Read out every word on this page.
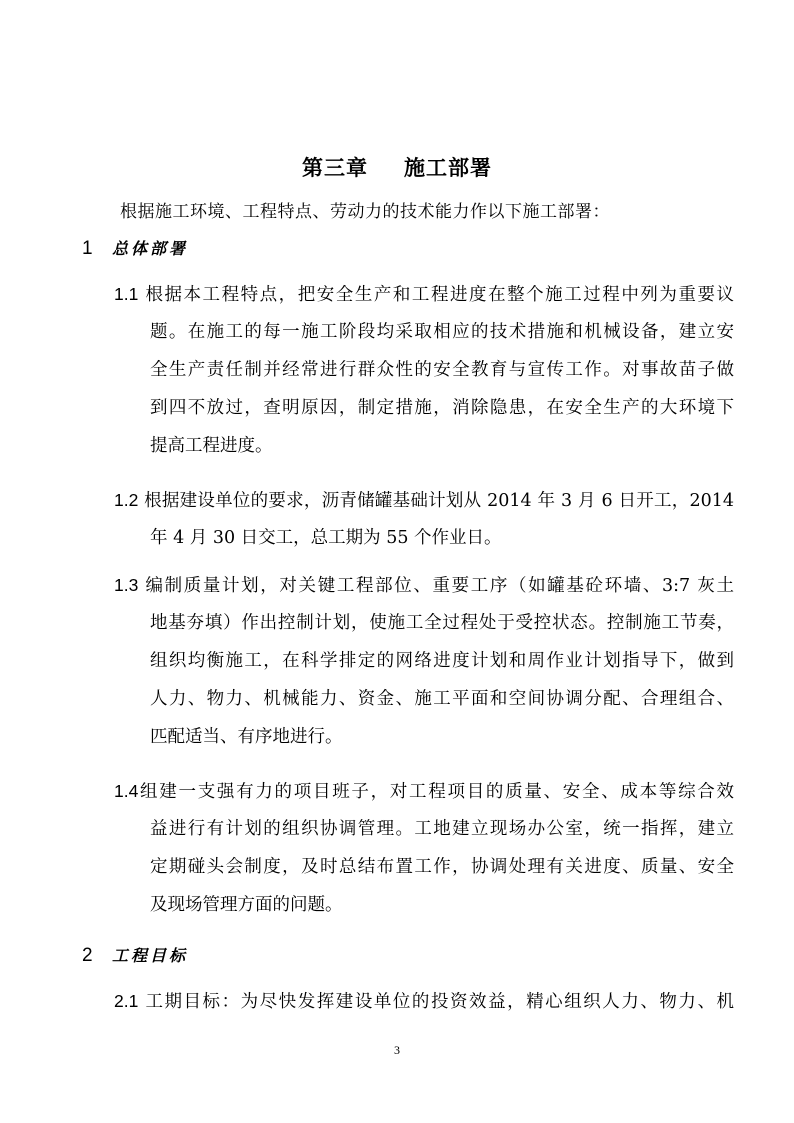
第三章 施工部署
根据施工环境、工程特点、劳动力的技术能力作以下施工部署：
1 总体部署
1.1 根据本工程特点，把安全生产和工程进度在整个施工过程中列为重要议
题。在施工的每一施工阶段均采取相应的技术措施和机械设备，建立安
全生产责任制并经常进行群众性的安全教育与宣传工作。对事故苗子做
到四不放过，查明原因，制定措施，消除隐患，在安全生产的大环境下
提高工程进度。
1.2 根据建设单位的要求，沥青储罐基础计划从 2014 年 3 月 6 日开工，2014
年 4 月 30 日交工，总工期为 55 个作业日。
1.3 编制质量计划，对关键工程部位、重要工序（如罐基砼环墙、3:7 灰土
地基夯填）作出控制计划，使施工全过程处于受控状态。控制施工节奏，
组织均衡施工，在科学排定的网络进度计划和周作业计划指导下，做到
人力、物力、机械能力、资金、施工平面和空间协调分配、合理组合、
匹配适当、有序地进行。
1.4组建一支强有力的项目班子，对工程项目的质量、安全、成本等综合效
益进行有计划的组织协调管理。工地建立现场办公室，统一指挥，建立
定期碰头会制度，及时总结布置工作，协调处理有关进度、质量、安全
及现场管理方面的问题。
2 工程目标
2.1 工期目标：为尽快发挥建设单位的投资效益，精心组织人力、物力、机
3
